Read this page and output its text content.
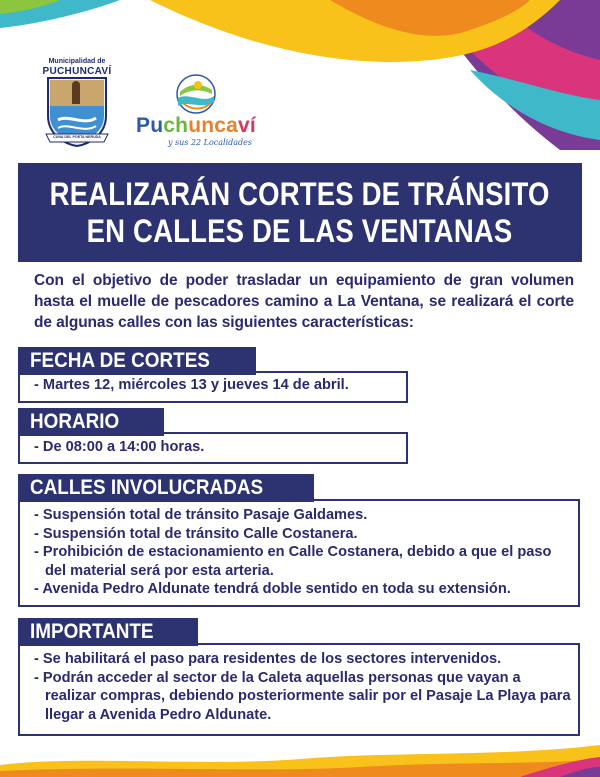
Municipalidad de
PUCHUNCAVÍ
CUNA DEL POETA NERUDA	Puchuncaví
y sus 22 Localidades
REALIZARÁN CORTES DE TRÁNSITO
EN CALLES DE LAS VENTANAS

Con el objetivo de poder trasladar un equipamiento de gran volumen hasta el muelle de pescadores camino a La Ventana, se realizará el corte de algunas calles con las siguientes características:

FECHA DE CORTES
- Martes 12, miércoles 13 y jueves 14 de abril.
HORARIO
- De 08:00 a 14:00 horas.
CALLES INVOLUCRADAS
- Suspensión total de tránsito Pasaje Galdames.
- Suspensión total de tránsito Calle Costanera.
- Prohibición de estacionamiento en Calle Costanera, debido a que el paso del material será por esta arteria.
- Avenida Pedro Aldunate tendrá doble sentido en toda su extensión.
IMPORTANTE
- Se habilitará el paso para residentes de los sectores intervenidos.
- Podrán acceder al sector de la Caleta aquellas personas que vayan a realizar compras, debiendo posteriormente salir por el Pasaje La Playa para llegar a Avenida Pedro Aldunate.
